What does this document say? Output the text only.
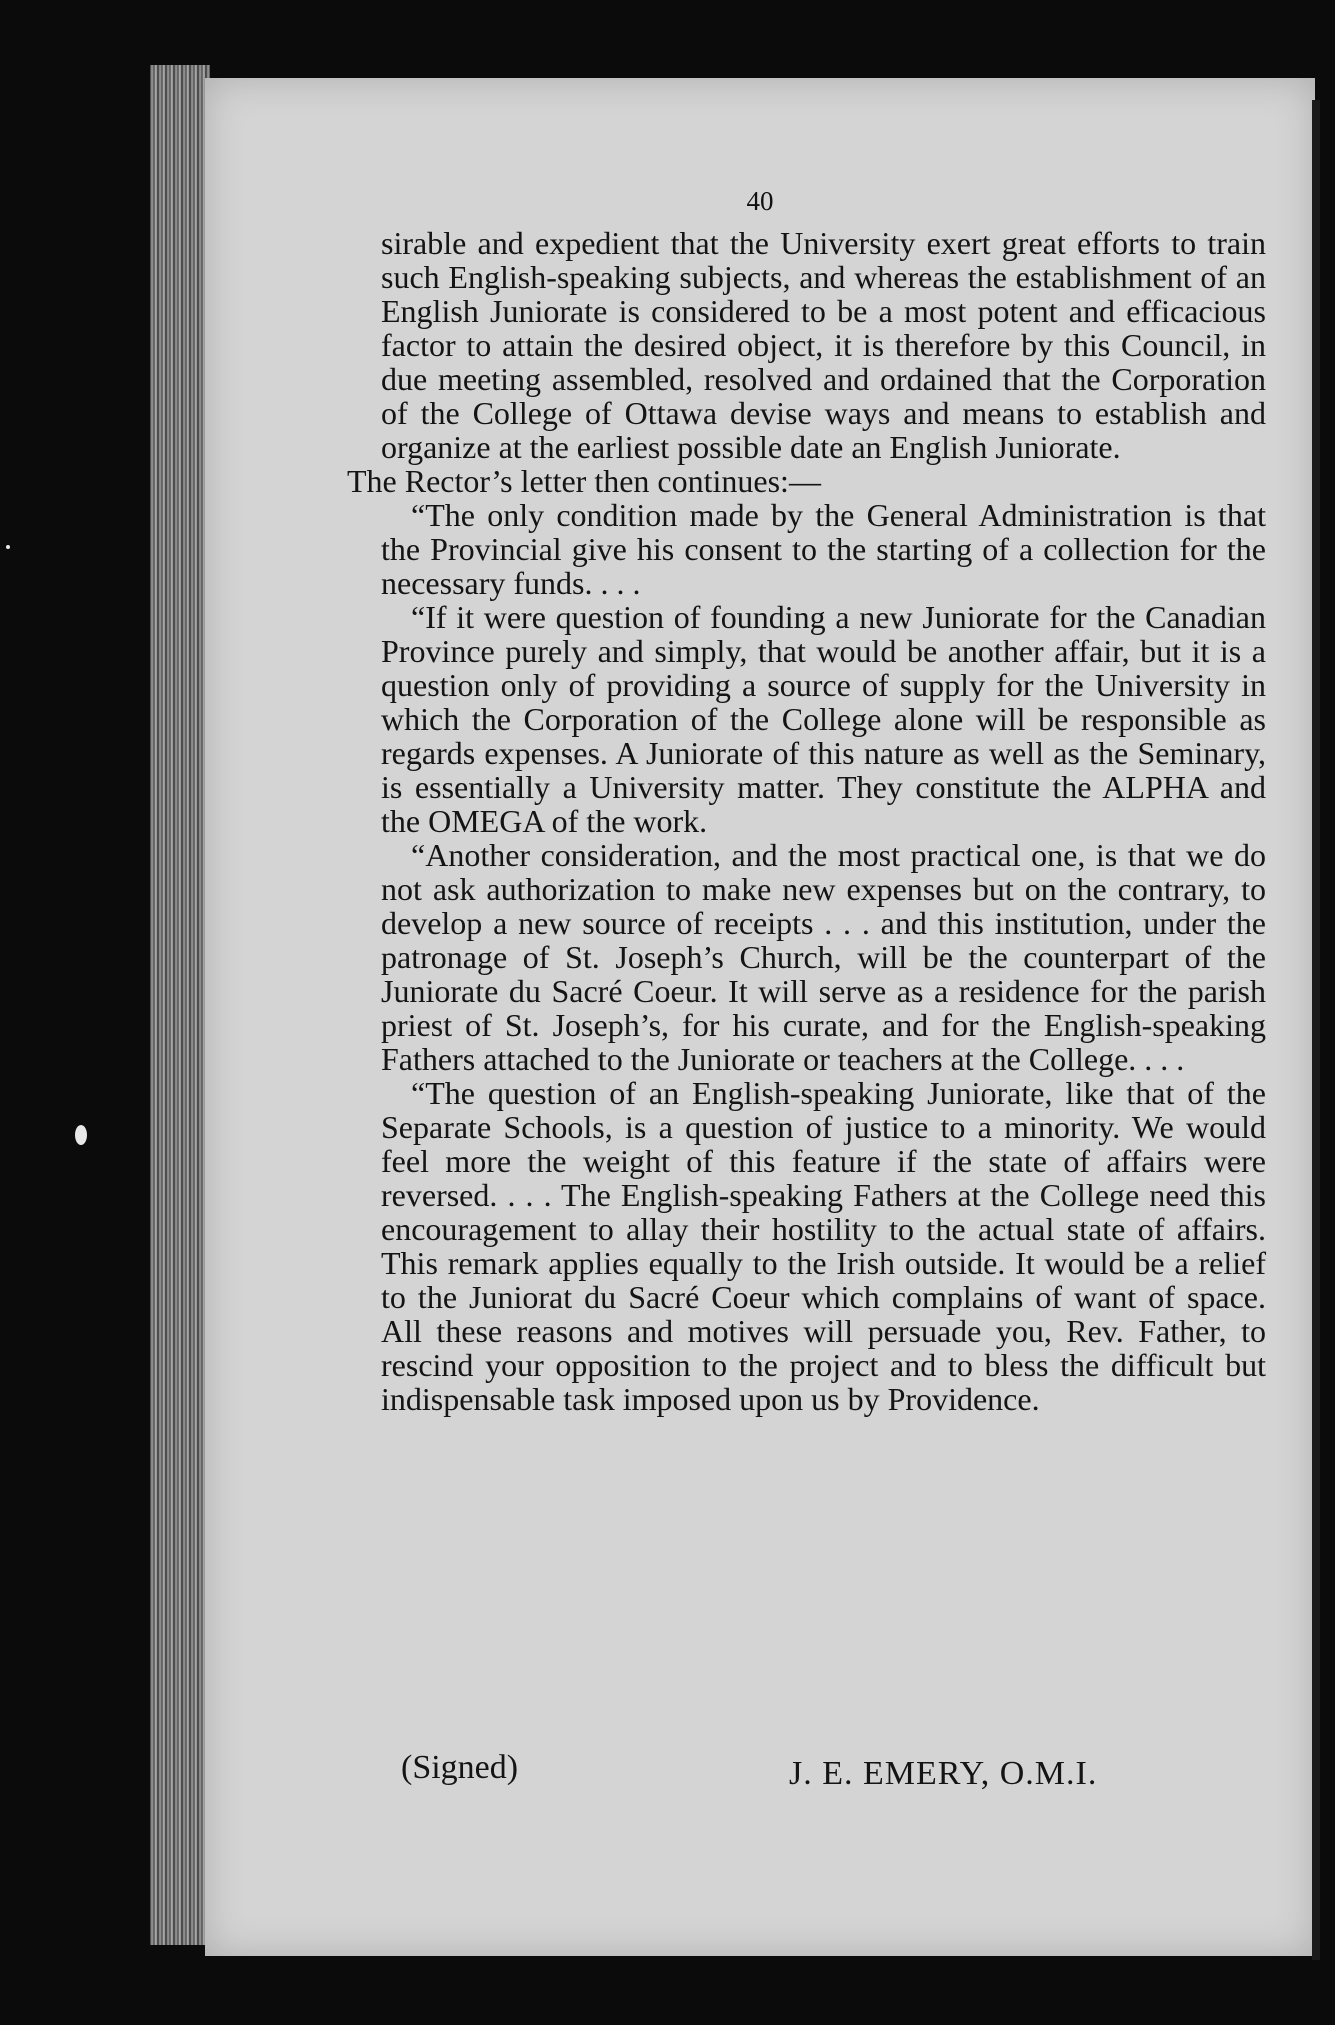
40

sirable and expedient that the University exert great efforts to train such English-speaking subjects, and whereas the establishment of an English Juniorate is considered to be a most potent and efficacious factor to attain the desired object, it is therefore by this Council, in due meeting assembled, resolved and ordained that the Corporation of the College of Ottawa devise ways and means to establish and organize at the earliest possible date an English Juniorate.

The Rector’s letter then continues:—

“The only condition made by the General Administration is that the Provincial give his consent to the starting of a collection for the necessary funds. . . .

“If it were question of founding a new Juniorate for the Canadian Province purely and simply, that would be another affair, but it is a question only of providing a source of supply for the University in which the Corporation of the College alone will be responsible as regards expenses. A Juniorate of this nature as well as the Seminary, is essentially a University matter. They constitute the ALPHA and the OMEGA of the work.

“Another consideration, and the most practical one, is that we do not ask authorization to make new expenses but on the contrary, to develop a new source of receipts . . . and this institution, under the patronage of St. Joseph’s Church, will be the counterpart of the Juniorate du Sacré Coeur. It will serve as a residence for the parish priest of St. Joseph’s, for his curate, and for the English-speaking Fathers attached to the Juniorate or teachers at the College. . . .

“The question of an English-speaking Juniorate, like that of the Separate Schools, is a question of justice to a minority. We would feel more the weight of this feature if the state of affairs were reversed. . . . The English-speaking Fathers at the College need this encouragement to allay their hostility to the actual state of affairs. This remark applies equally to the Irish outside. It would be a relief to the Juniorat du Sacré Coeur which complains of want of space. All these reasons and motives will persuade you, Rev. Father, to rescind your opposition to the project and to bless the difficult but indispensable task imposed upon us by Providence.

(Signed)	J. E. EMERY, O.M.I.
